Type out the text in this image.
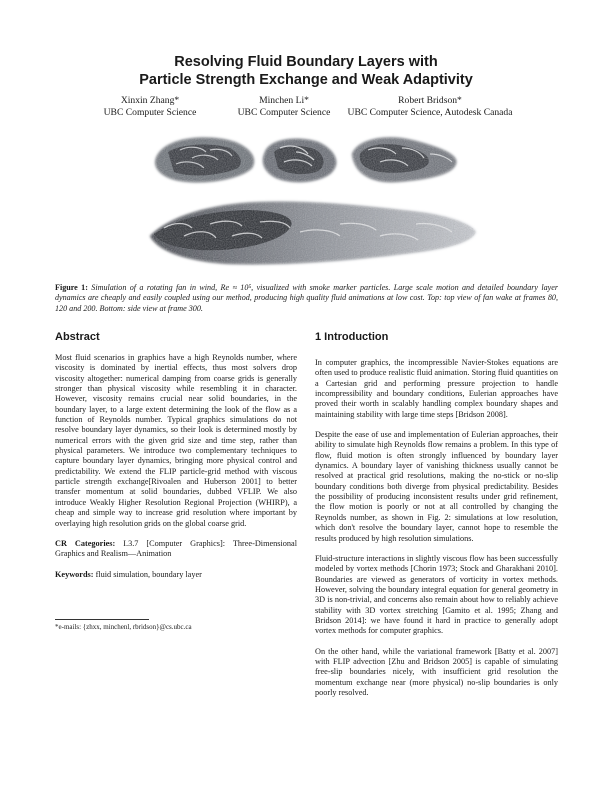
Resolving Fluid Boundary Layers with
Particle Strength Exchange and Weak Adaptivity
Xinxin Zhang*
UBC Computer Science
Minchen Li*
UBC Computer Science
Robert Bridson*
UBC Computer Science, Autodesk Canada
Figure 1: Simulation of a rotating fan in wind, Re ≈ 10⁵, visualized with smoke marker particles. Large scale motion and detailed boundary layer dynamics are cheaply and easily coupled using our method, producing high quality fluid animations at low cost. Top: top view of fan wake at frames 80, 120 and 200. Bottom: side view at frame 300.
Abstract

Most fluid scenarios in graphics have a high Reynolds number, where viscosity is dominated by inertial effects, thus most solvers drop viscosity altogether: numerical damping from coarse grids is generally stronger than physical viscosity while resembling it in character. However, viscosity remains crucial near solid boundaries, in the boundary layer, to a large extent determining the look of the flow as a function of Reynolds number. Typical graphics simulations do not resolve boundary layer dynamics, so their look is determined mostly by numerical errors with the given grid size and time step, rather than physical parameters. We introduce two complementary techniques to capture boundary layer dynamics, bringing more physical control and predictability. We extend the FLIP particle-grid method with viscous particle strength exchange[Rivoalen and Huberson 2001] to better transfer momentum at solid boundaries, dubbed VFLIP. We also introduce Weakly Higher Resolution Regional Projection (WHIRP), a cheap and simple way to increase grid resolution where important by overlaying high resolution grids on the global coarse grid.

CR Categories: I.3.7 [Computer Graphics]: Three-Dimensional Graphics and Realism—Animation

Keywords: fluid simulation, boundary layer

*e-mails: {zhxx, minchenl, rbridson}@cs.ubc.ca
1 Introduction

In computer graphics, the incompressible Navier-Stokes equations are often used to produce realistic fluid animation. Storing fluid quantities on a Cartesian grid and performing pressure projection to handle incompressibility and boundary conditions, Eulerian approaches have proved their worth in scalably handling complex boundary shapes and maintaining stability with large time steps [Bridson 2008].

Despite the ease of use and implementation of Eulerian approaches, their ability to simulate high Reynolds flow remains a problem. In this type of flow, fluid motion is often strongly influenced by boundary layer dynamics. A boundary layer of vanishing thickness usually cannot be resolved at practical grid resolutions, making the no-stick or no-slip boundary conditions both diverge from physical predictability. Besides the possibility of producing inconsistent results under grid refinement, the flow motion is poorly or not at all controlled by changing the Reynolds number, as shown in Fig. 2: simulations at low resolution, which don't resolve the boundary layer, cannot hope to resemble the results produced by high resolution simulations.

Fluid-structure interactions in slightly viscous flow has been successfully modeled by vortex methods [Chorin 1973; Stock and Gharakhani 2010]. Boundaries are viewed as generators of vorticity in vortex methods. However, solving the boundary integral equation for general geometry in 3D is non-trivial, and concerns also remain about how to reliably achieve stability with 3D vortex stretching [Gamito et al. 1995; Zhang and Bridson 2014]: we have found it hard in practice to generally adopt vortex methods for computer graphics.

On the other hand, while the variational framework [Batty et al. 2007] with FLIP advection [Zhu and Bridson 2005] is capable of simulating free-slip boundaries nicely, with insufficient grid resolution the momentum exchange near (more physical) no-slip boundaries is only poorly resolved.
